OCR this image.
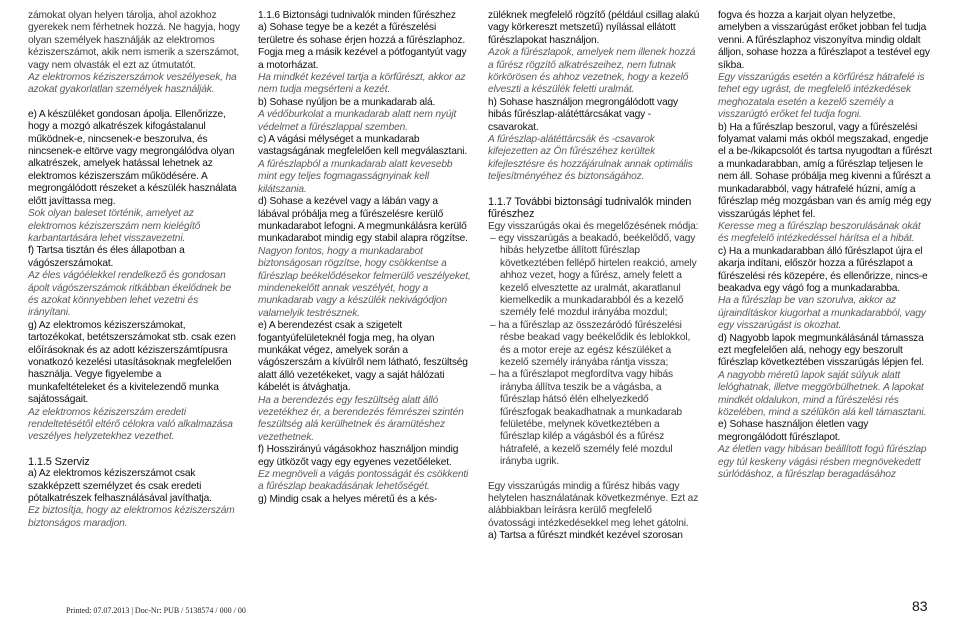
zámokat olyan helyen tárolja, ahol azokhoz gyerekek nem férhetnek hozzá. Ne hagyja, hogy olyan személyek használják az elektromos kéziszerszámot, akik nem ismerik a szerszámot, vagy nem olvasták el ezt az útmutatót.

Az elektromos kéziszerszámok veszélyesek, ha azokat gyakorlatlan személyek használják.

e) A készüléket gondosan ápolja. Ellenőrizze, hogy a mozgó alkatrészek kifogástalanul működnek-e, nincsenek-e beszorulva, és nincsenek-e eltörve vagy megrongálódva olyan alkatrészek, amelyek hatással lehetnek az elektromos kéziszerszám működésére. A megrongálódott részeket a készülék használata előtt javíttassa meg.

Sok olyan baleset történik, amelyet az elektromos kéziszerszám nem kielégítő karbantartására lehet visszavezetni.

f) Tartsa tisztán és éles állapotban a vágószerszámokat.

Az éles vágóélekkel rendelkező és gondosan ápolt vágószerszámok ritkábban ékelődnek be és azokat könnyebben lehet vezetni és irányítani.

g) Az elektromos kéziszerszámokat, tartozékokat, betétszerszámokat stb. csak ezen előírásoknak és az adott kéziszerszámtípusra vonatkozó kezelési utasításoknak megfelelően használja. Vegye figyelembe a munkafeltételeket és a kivitelezendő munka sajátosságait.

Az elektromos kéziszerszám eredeti rendeltetésétől eltérő célokra való alkalmazása veszélyes helyzetekhez vezethet.

1.1.5 Szerviz

a) Az elektromos kéziszerszámot csak szakképzett személyzet és csak eredeti pótalkatrészek felhasználásával javíthatja.

Ez biztosítja, hogy az elektromos kéziszerszám biztonságos maradjon.

1.1.6 Biztonsági tudnivalók minden fűrészhez

a) Sohase tegye be a kezét a fűrészelési területre és sohase érjen hozzá a fűrészlaphoz. Fogja meg a másik kezével a pótfogantyút vagy a motorházat.

Ha mindkét kezével tartja a körfűrészt, akkor az nem tudja megsérteni a kezét.

b) Sohase nyúljon be a munkadarab alá.

A védőburkolat a munkadarab alatt nem nyújt védelmet a fűrészlappal szemben.

c) A vágási mélységet a munkadarab vastagságának megfelelően kell megválasztani.

A fűrészlapból a munkadarab alatt kevesebb mint egy teljes fogmagasságnyinak kell kilátszania.

d) Sohase a kezével vagy a lábán vagy a lábával próbálja meg a fűrészelésre kerülő munkadarabot lefogni. A megmunkálásra kerülő munkadarabot mindig egy stabil alapra rögzítse.

Nagyon fontos, hogy a munkadarabot biztonságosan rögzítse, hogy csökkentse a fűrészlap beékelődésekor felmerülő veszélyeket, mindenekelőtt annak veszélyét, hogy a munkadarab vagy a készülék nekivágódjon valamelyik testrésznek.

e) A berendezést csak a szigetelt fogantyúfelületeknél fogja meg, ha olyan munkákat végez, amelyek során a vágószerszám a kívülről nem látható, feszültség alatt álló vezetékeket, vagy a saját hálózati kábelét is átvághatja.

Ha a berendezés egy feszültség alatt álló vezetékhez ér, a berendezés fémrészei szintén feszültség alá kerülhetnek és áramütéshez vezethetnek.

f) Hosszirányú vágásokhoz használjon mindig egy ütközőt vagy egy egyenes vezetőéleket.

Ez megnöveli a vágás pontosságát és csökkenti a fűrészlap beakadásának lehetőségét.

g) Mindig csak a helyes méretű és a kés-

züléknek megfelelő rögzítő (például csillag alakú vagy körkereszt metszetű) nyílással ellátott fűrészlapokat használjon.

Azok a fűrészlapok, amelyek nem illenek hozzá a fűrész rögzítő alkatrészeihez, nem futnak körkörösen és ahhoz vezetnek, hogy a kezelő elveszti a készülék feletti uralmát.

h) Sohase használjon megrongálódott vagy hibás fűrészlap-alátéttárcsákat vagy -csavarokat.

A fűrészlap-alátéttárcsák és -csavarok kifejezetten az Ön fűrészéhez kerültek kifejlesztésre és hozzájárulnak annak optimális teljesítményéhez és biztonságához.

1.1.7 További biztonsági tudnivalók minden fűrészhez

Egy visszarúgás okai és megelőzésének módja:

– egy visszarúgás a beakadó, beékelődő, vagy hibás helyzetbe állított fűrészlap következtében fellépő hirtelen reakció, amely ahhoz vezet, hogy a fűrész, amely felett a kezelő elvesztette az uralmát, akaratlanul kiemelkedik a munkadarabból és a kezelő személy felé mozdul irányába mozdul;

– ha a fűrészlap az összezáródó fűrészelési résbe beakad vagy beékelődik és leblokkol, és a motor ereje az egész készüléket a kezelő személy irányába rántja vissza;

– ha a fűrészlapot megfordítva vagy hibás irányba állítva teszik be a vágásba, a fűrészlap hátsó élén elhelyezkedő fűrészfogak beakadhatnak a munkadarab felületébe, melynek következtében a fűrészlap kilép a vágásból és a fűrész hátrafelé, a kezelő személy felé mozdul irányba ugrik.

Egy visszarúgás mindig a fűrész hibás vagy helytelen használatának következménye. Ezt az alábbiakban leírásra kerülő megfelelő óvatossági intézkedésekkel meg lehet gátolni.

a) Tartsa a fűrészt mindkét kezével szorosan

fogva és hozza a karjait olyan helyzetbe, amelyben a visszarúgást erőket jobban fel tudja venni. A fűrészlaphoz viszonyítva mindig oldalt álljon, sohase hozza a fűrészlapot a testével egy síkba.

Egy visszarúgás esetén a körfűrész hátrafelé is tehet egy ugrást, de megfelelő intézkedések meghozatala esetén a kezelő személy a visszarúgtó erőket fel tudja fogni.

b) Ha a fűrészlap beszorul, vagy a fűrészelési folyamat valami más okból megszakad, engedje el a be-/kikapcsolót és tartsa nyugodtan a fűrészt a munkadarabban, amíg a fűrészlap teljesen le nem áll. Sohase próbálja meg kivenni a fűrészt a munkadarabból, vagy hátrafelé húzni, amíg a fűrészlap még mozgásban van és amíg még egy visszarúgás léphet fel.

Keresse meg a fűrészlap beszorulásának okát és megfelelő intézkedéssel hárítsa el a hibát.

c) Ha a munkadarabban álló fűrészlapot újra el akarja indítani, először hozza a fűrészlapot a fűrészelési rés közepére, és ellenőrizze, nincs-e beakadva egy vágó fog a munkadarabba.

Ha a fűrészlap be van szorulva, akkor az újraindításkor kiugorhat a munkadarabból, vagy egy visszarúgást is okozhat.

d) Nagyobb lapok megmunkálásánál támassza ezt megfelelően alá, nehogy egy beszorult fűrészlap következtében visszarúgás lépjen fel.

A nagyobb méretű lapok saját súlyuk alatt lelóghatnak, illetve meggörbülhetnek. A lapokat mindkét oldalukon, mind a fűrészelési rés közelében, mind a szélükön alá kell támasztani.

e) Sohase használjon életlen vagy megrongálódott fűrészlapot.

Az életlen vagy hibásan beállított fogú fűrészlap egy túl keskeny vágási résben megnövekedett súrlódáshoz, a fűrészlap beragadásához

Printed: 07.07.2013 | Doc-Nr: PUB / 5138574 / 000 / 00	83
